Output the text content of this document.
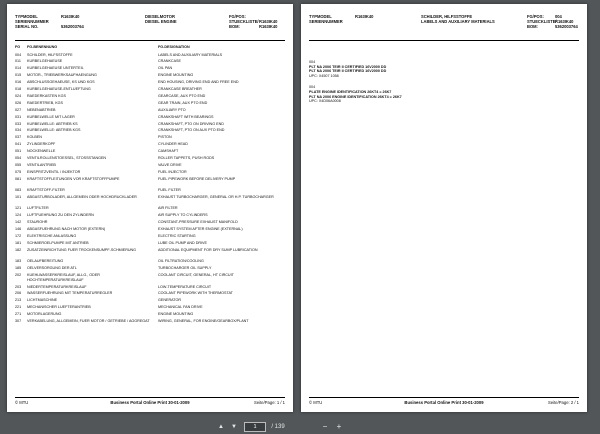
TYPMODEL
SERIENNUMMER
SERIAL NO.
R163IK40

5362003764
DIESELMOTOR
DIESEL ENGINE
FG/POS:
STUECKLISTE/
BOM:

R163IK40
R163IK40
FG	FG-BENENNUNG	FG-DESIGNATION
004	SCHILDER, HILFSSTOFFE	LABELS AND AUXILIARY MATERIALS
011	KURBELGEHAEUSE	CRANKCASE
014	KURBELGEHAEUSE UNTERTEIL	OIL PAN
015	MOTOR-, TRIEBWERKSAUFHAENGUNG	ENGINE MOUNTING
016	ABSCHLUSSGEHAEUSE, KS UND KGS	END HOUSING, DRIVING END AND FREE END
018	KURBELGEHAEUSE-ENTLUEFTUNG	CRANKCASE BREATHER
024	RAEDERKASTEN KGS	GEARCASE, AUX PTO END
026	RAEDERTRIEB, KGS	GEAR TRAIN, AUX PTO END
027	NEBENABTRIEB	AUXILIARY PTO
031	KURBELWELLE MIT LAGER	CRANKSHAFT WITH BEARINGS
033	KURBELWELLE: ABTRIEB KS	CRANKSHAFT, PTO ON DRIVING END
034	KURBELWELLE: ABTRIEB KGS	CRANKSHAFT, PTO ON AUX PTO END
037	KOLBEN	PISTON
041	ZYLINDERKOPF	CYLINDER HEAD
051	NOCKENWELLE	CAMSHAFT
054	VENTILROLLENSTOESSEL, STOSSSTANGEN	ROLLER TAPPETS, PUSH RODS
055	VENTILANTRIEB	VALVE DRIVE
075	EINSPRITZVENTIL / INJEKTOR	FUEL INJECTOR
081	KRAFTSTOFFLEITUNGEN VOR KRAFTSTOFFPUMPE	FUEL PIPEWORK BEFORE DELIVERY PUMP
083	KRAFTSTOFF-FILTER	FUEL FILTER
101	ABGASTURBOLADER, ALLGEMEIN ODER HOCHDRUCKLADER	EXHAUST TURBOCHARGER, GENERAL OR H.P. TURBOCHARGER
121	LUFTFILTER	AIR FILTER
124	LUFTFUEHRUNG ZU DEN ZYLINDERN	AIR SUPPLY TO CYLINDERS
142	STAUROHR	CONSTANT-PRESSURE EXHAUST MANIFOLD
146	ABGASFUEHRUNG NACH MOTOR (EXTERN)	EXHAUST SYSTEM AFTER ENGINE (EXTERNAL)
172	ELEKTRISCHE ANLASSUNG	ELECTRIC STARTING
181	SCHMIEROELPUMPE MIT ANTRIEB	LUBE OIL PUMP AND DRIVE
182	ZUSATZEINRICHTUNG FUER TROCKENSUMPF-SCHMIERUNG	ADDITIONAL EQUIPMENT FOR DRY SUMP LUBRICATION
183	OELAUFBEREITUNG	OIL FILTRATION/COOLING
185	OELVERSORGUNG DER ATL	TURBOCHARGER OIL SUPPLY
202	KUEHLWASSERKREISLAUF, ALLG., ODER HOCHTEMPERATURKREISLAUF
COOLANT CIRCUIT, GENERAL, HT CIRCUIT
203	NIEDERTEMPERATURKREISLAUF	LOW-TEMPERATURE CIRCUIT
206	WASSERFUEHRUNG MIT TEMPERATURREGLER	COOLANT PIPEWORK WITH THERMOSTAT
213	LICHTMASCHINE	GENERATOR
221	MECHANISCHER LUEFTERANTRIEB	MECHANICAL FAN DRIVE
271	MOTORLAGERUNG	ENGINE MOUNTING
307	VERKABELUNG, ALLGEMEIN, FUER MOTOR / GETRIEBE / AGGREGAT	WIRING, GENERAL, FOR ENGINE/GEARBOX/PLANT
© MTU	Business Portal Online Print 30-01-2009	Seite/Page: 1 / 1
TYPMODEL
SERIENNUMMER
R163IK40	SCHILDER, HILFSSTOFFE
LABELS AND AUXILIARY MATERIALS
FG/POS:
STUECKLISTE/
BOM:
004
R163IK40
5362003764
004
PLT NA 2006 TEIR II CERTIFIED 16V2000 DD
PLT NA 2006 TEIR II CERTIFIED 16V2000 DD
UPC: X4507 1058
004
PLATE ENGINE IDENTIFICATION 26KT4 = 26K7
PLT NA 2006 ENGINE IDENTIFICATION 26KT4 = 26K7
UPC: X4D06A0008
© MTU	Business Portal Online Print 30-01-2009	Seite/Page: 2 / 1
▲	▼	1	/ 139	−	+
